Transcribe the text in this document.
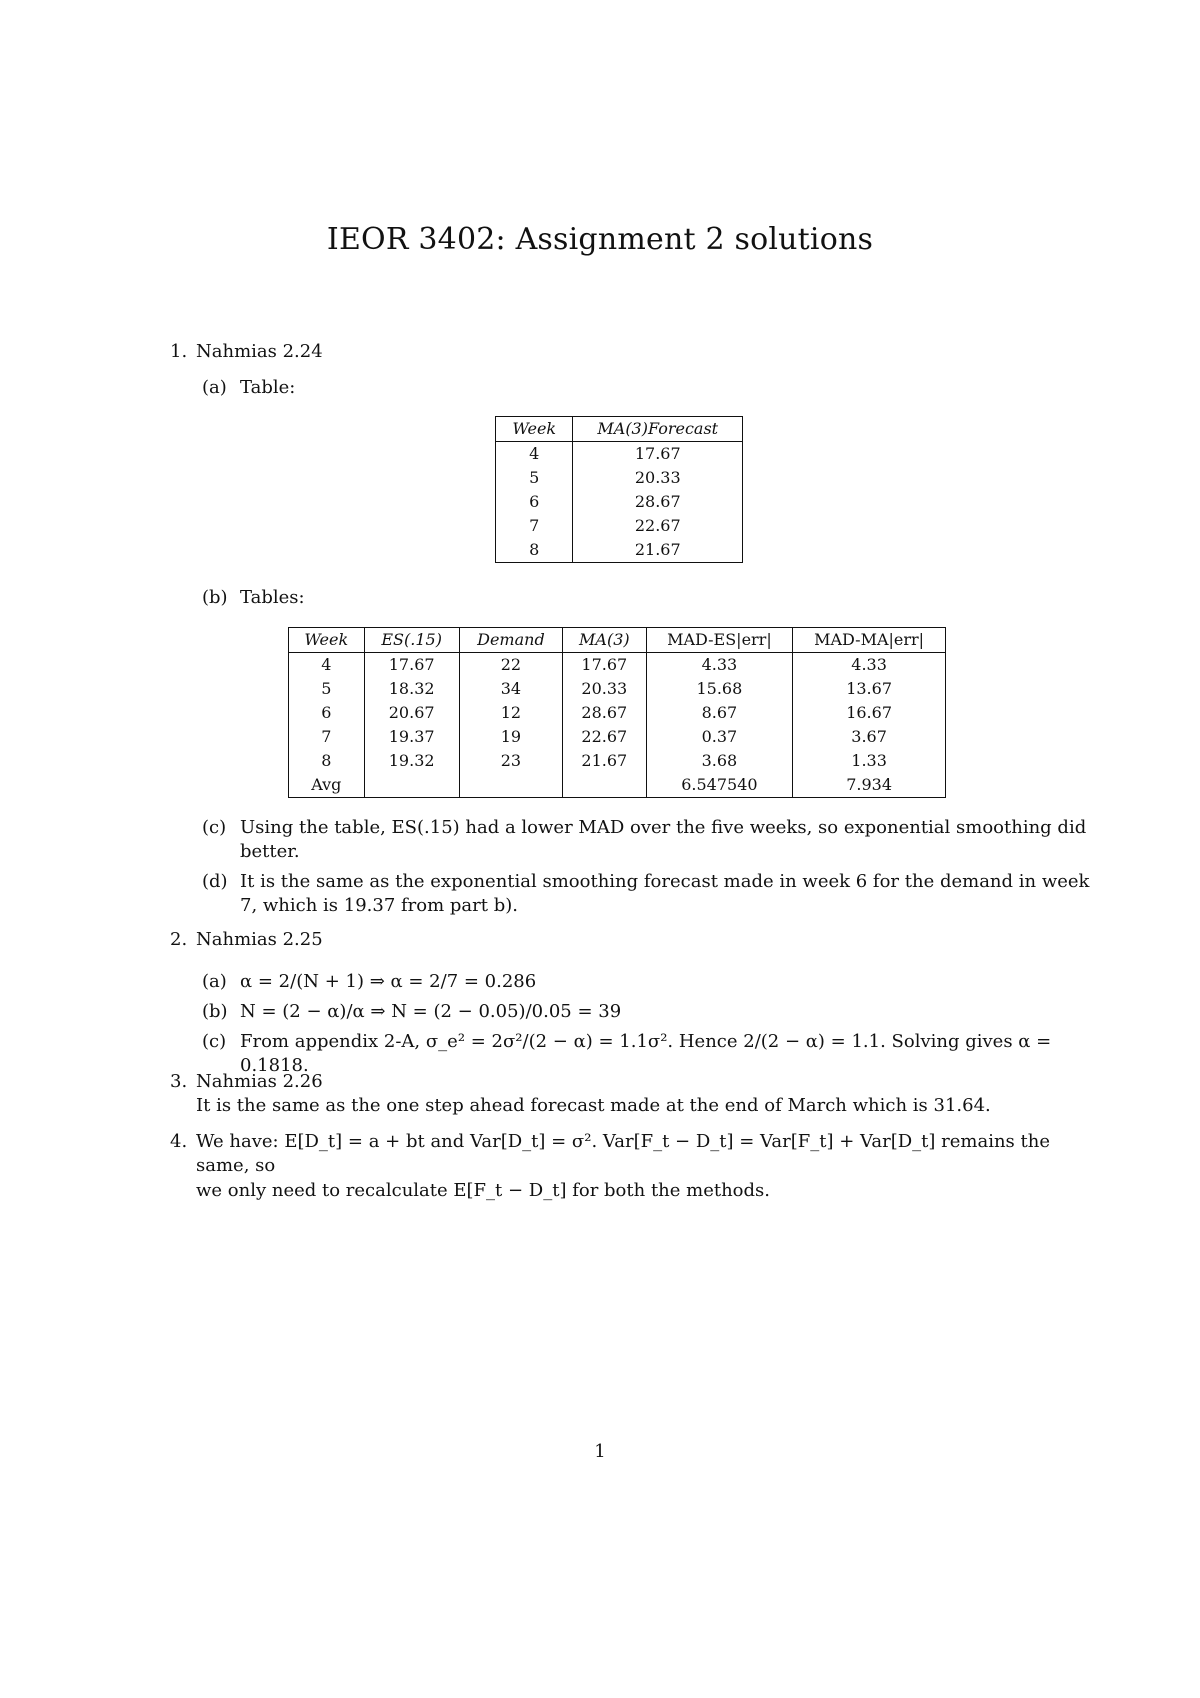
IEOR 3402: Assignment 2 solutions
1. Nahmias 2.24
(a) Table:
Week	MA(3)Forecast
4	17.67
5	20.33
6	28.67
7	22.67
8	21.67
(b) Tables:
Week	ES(.15)	Demand	MA(3)	MAD-ES|err|	MAD-MA|err|
4	17.67	22	17.67	4.33	4.33
5	18.32	34	20.33	15.68	13.67
6	20.67	12	28.67	8.67	16.67
7	19.37	19	22.67	0.37	3.67
8	19.32	23	21.67	3.68	1.33
Avg				6.547540	7.934
(c) Using the table, ES(.15) had a lower MAD over the five weeks, so exponential smoothing did better.
(d) It is the same as the exponential smoothing forecast made in week 6 for the demand in week 7, which is 19.37 from part b).
2. Nahmias 2.25
(a) α = 2/(N + 1) ⇒ α = 2/7 = 0.286
(b) N = (2 − α)/α ⇒ N = (2 − 0.05)/0.05 = 39
(c) From appendix 2-A, σ_e² = 2σ²/(2 − α) = 1.1σ². Hence 2/(2 − α) = 1.1. Solving gives α = 0.1818.
3. Nahmias 2.26
It is the same as the one step ahead forecast made at the end of March which is 31.64.
4. We have: E[D_t] = a + bt and Var[D_t] = σ². Var[F_t − D_t] = Var[F_t] + Var[D_t] remains the same, so
we only need to recalculate E[F_t − D_t] for both the methods.
1
